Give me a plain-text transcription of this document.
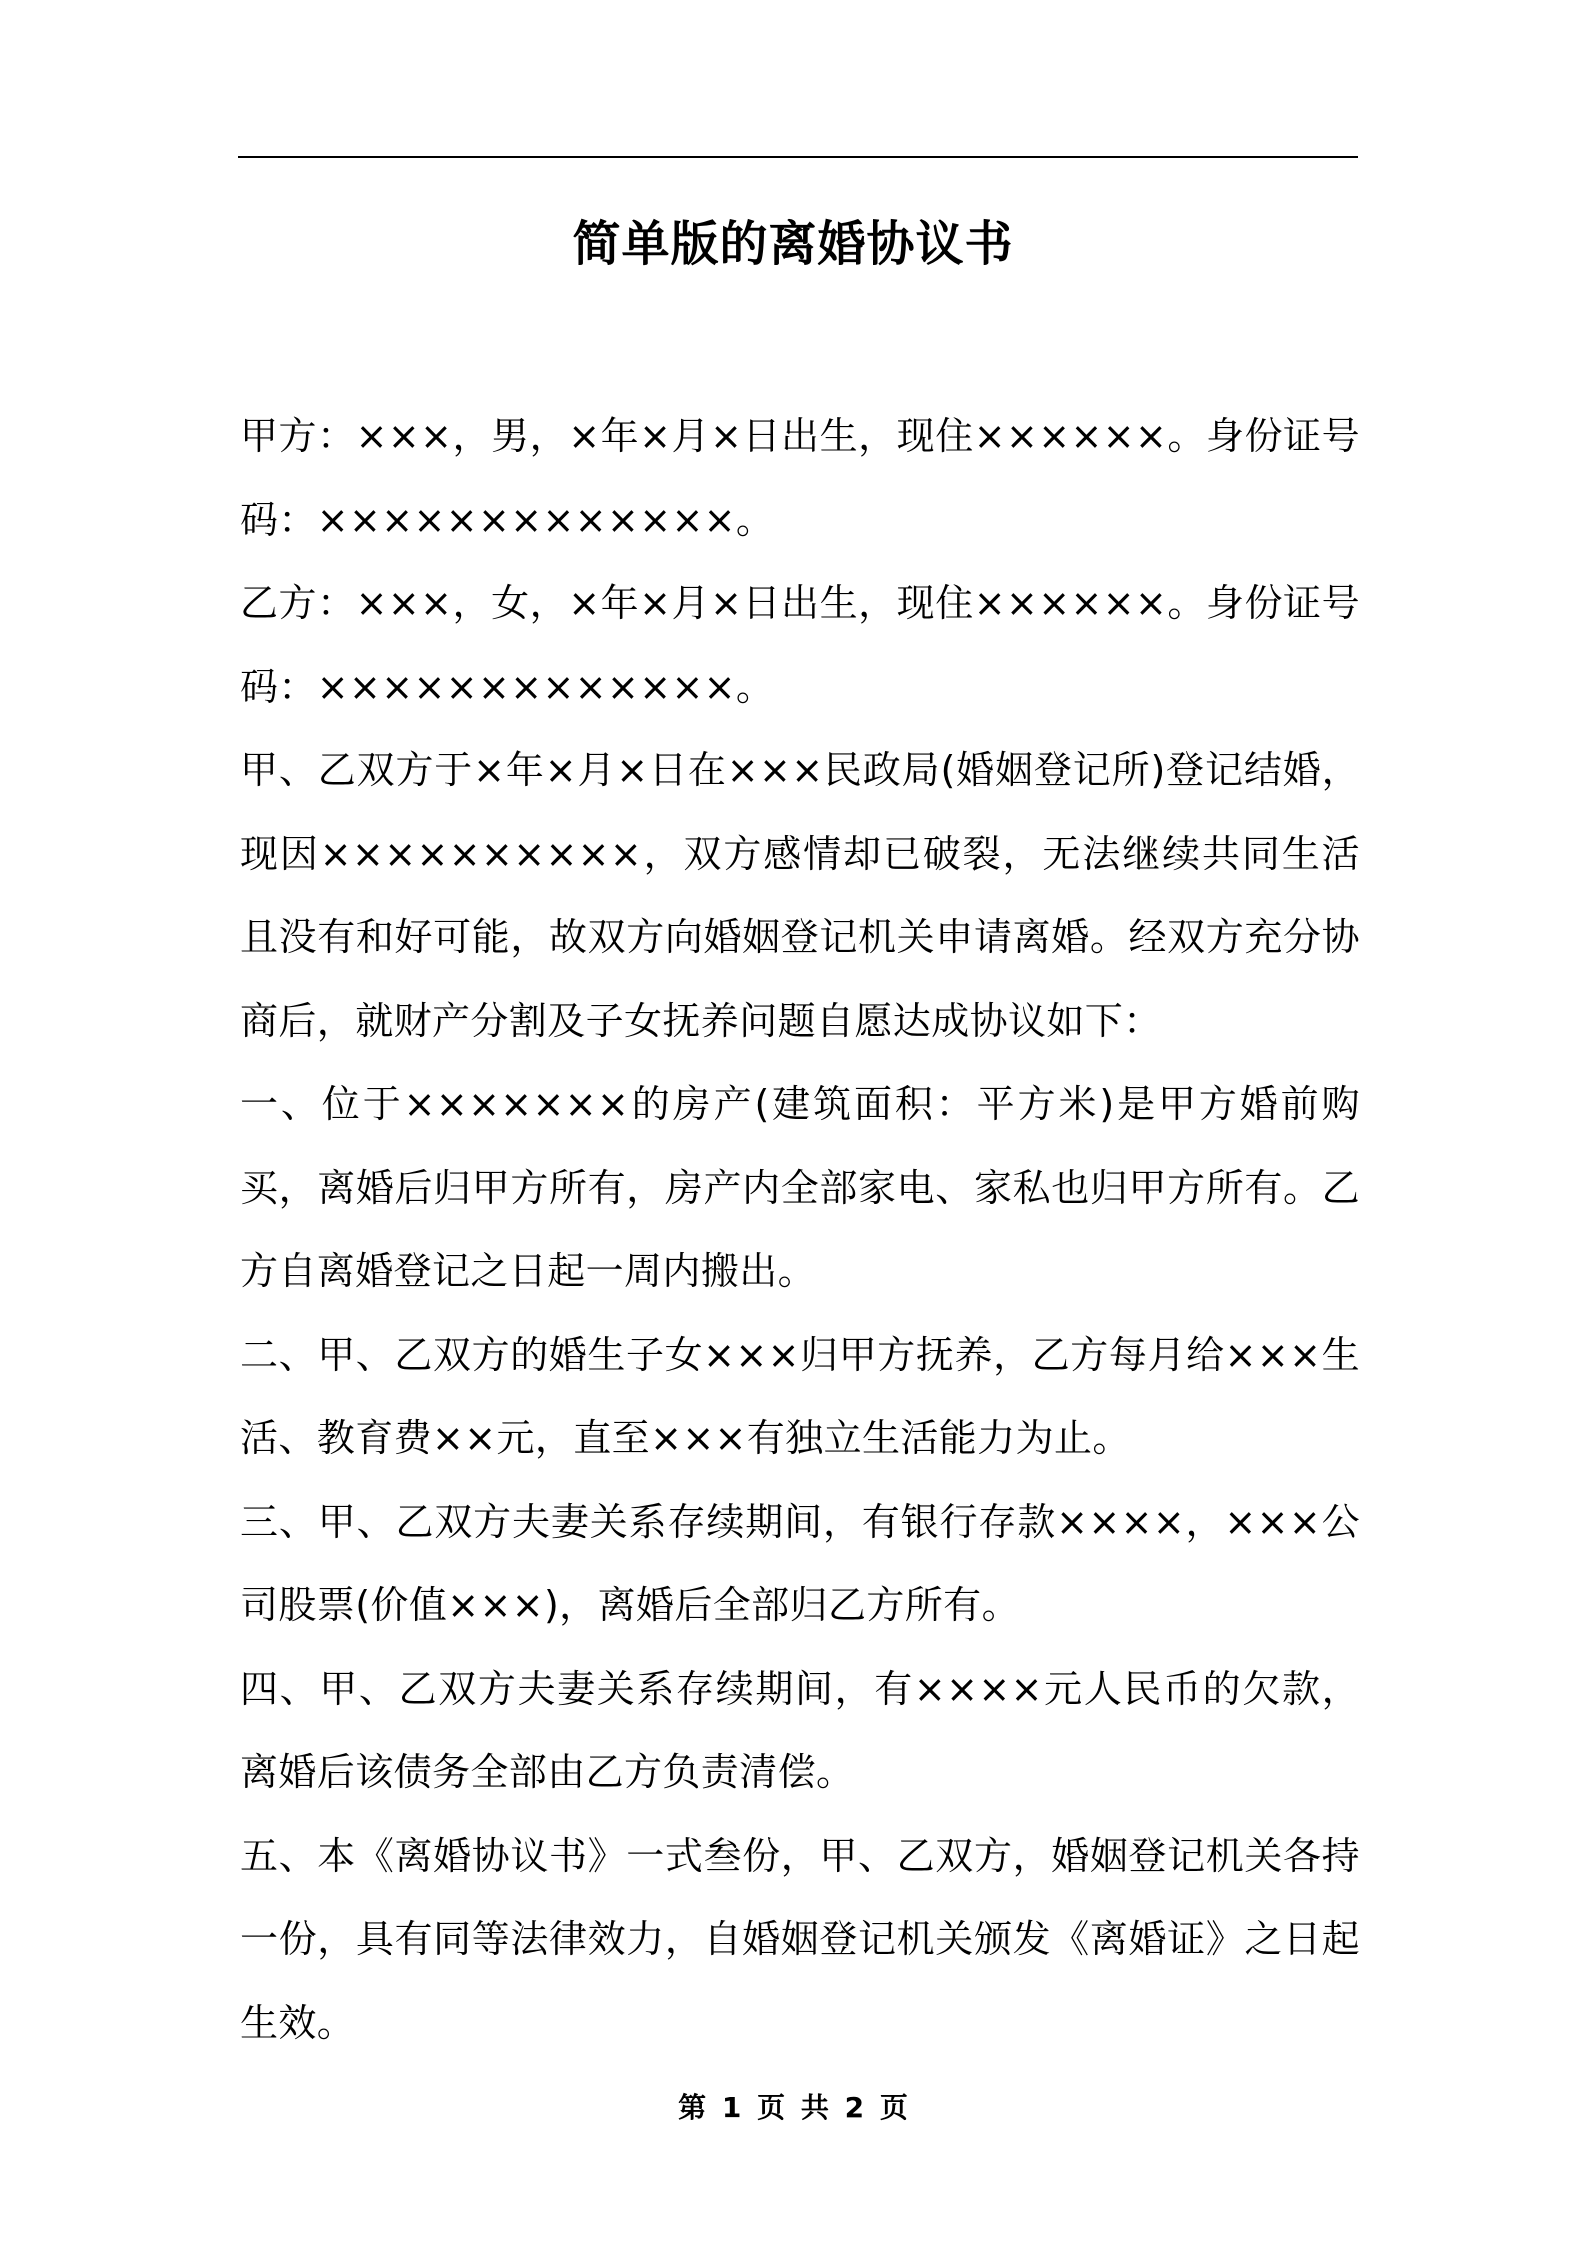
简单版的离婚协议书

甲方：×××，男，×年×月×日出生，现住××××××。身份证号码：×××××××××××××。

乙方：×××，女，×年×月×日出生，现住××××××。身份证号码：×××××××××××××。

甲、乙双方于×年×月×日在×××民政局(婚姻登记所)登记结婚，现因××××××××××，双方感情却已破裂，无法继续共同生活且没有和好可能，故双方向婚姻登记机关申请离婚。经双方充分协商后，就财产分割及子女抚养问题自愿达成协议如下：

一、位于×××××××的房产(建筑面积：平方米)是甲方婚前购买，离婚后归甲方所有，房产内全部家电、家私也归甲方所有。乙方自离婚登记之日起一周内搬出。

二、甲、乙双方的婚生子女×××归甲方抚养，乙方每月给×××生活、教育费××元，直至×××有独立生活能力为止。

三、甲、乙双方夫妻关系存续期间，有银行存款××××，×××公司股票(价值×××)，离婚后全部归乙方所有。

四、甲、乙双方夫妻关系存续期间，有××××元人民币的欠款，离婚后该债务全部由乙方负责清偿。

五、本《离婚协议书》一式叁份，甲、乙双方，婚姻登记机关各持一份，具有同等法律效力，自婚姻登记机关颁发《离婚证》之日起生效。

第 1 页 共 2 页
